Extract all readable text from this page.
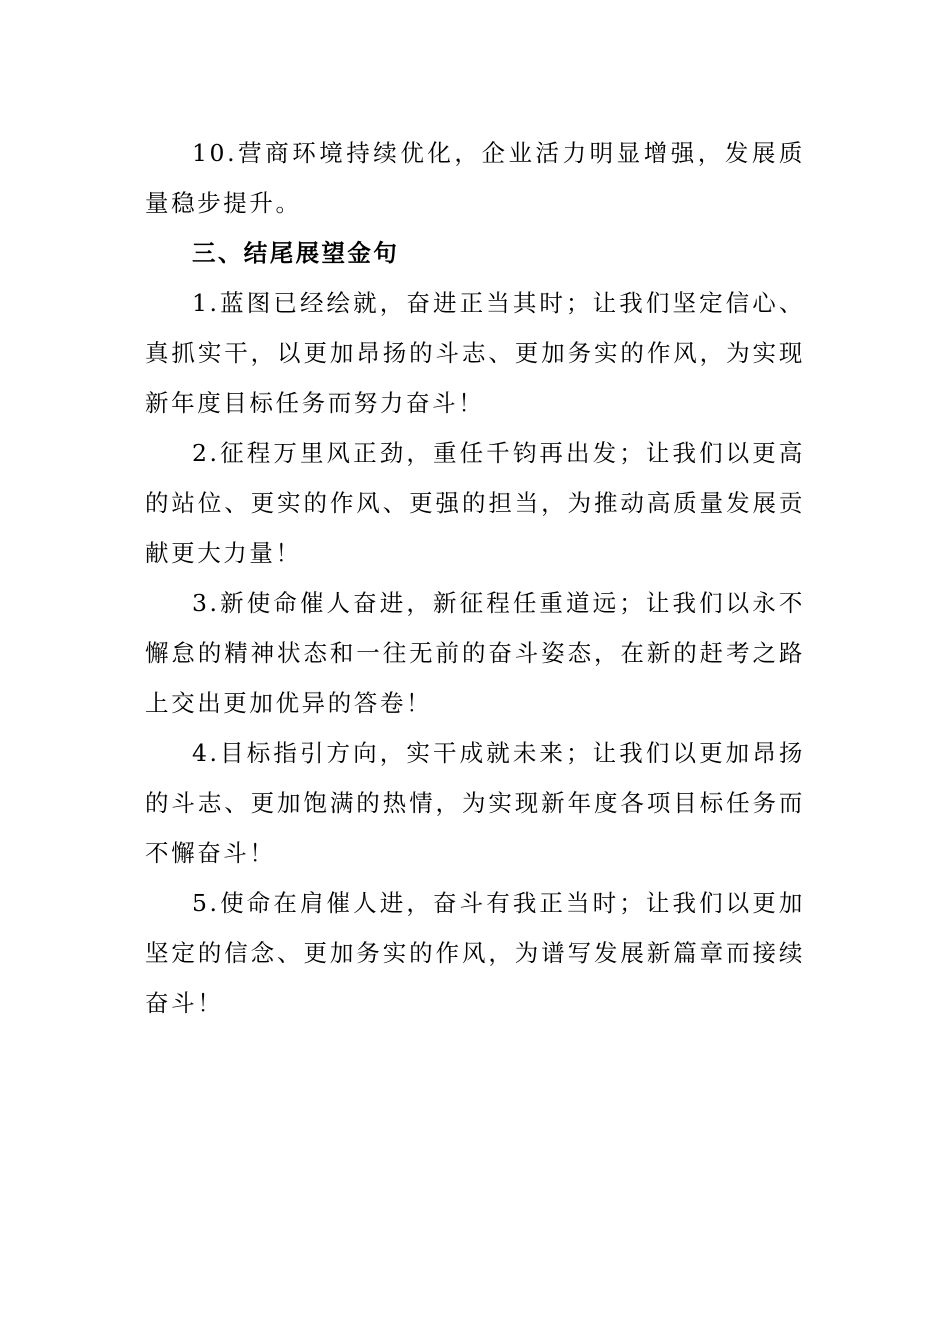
10.营商环境持续优化，企业活力明显增强，发展质量稳步提升。

三、结尾展望金句

1.蓝图已经绘就，奋进正当其时；让我们坚定信心、真抓实干，以更加昂扬的斗志、更加务实的作风，为实现新年度目标任务而努力奋斗！

2.征程万里风正劲，重任千钧再出发；让我们以更高的站位、更实的作风、更强的担当，为推动高质量发展贡献更大力量！

3.新使命催人奋进，新征程任重道远；让我们以永不懈怠的精神状态和一往无前的奋斗姿态，在新的赶考之路上交出更加优异的答卷！

4.目标指引方向，实干成就未来；让我们以更加昂扬的斗志、更加饱满的热情，为实现新年度各项目标任务而不懈奋斗！

5.使命在肩催人进，奋斗有我正当时；让我们以更加坚定的信念、更加务实的作风，为谱写发展新篇章而接续奋斗！
